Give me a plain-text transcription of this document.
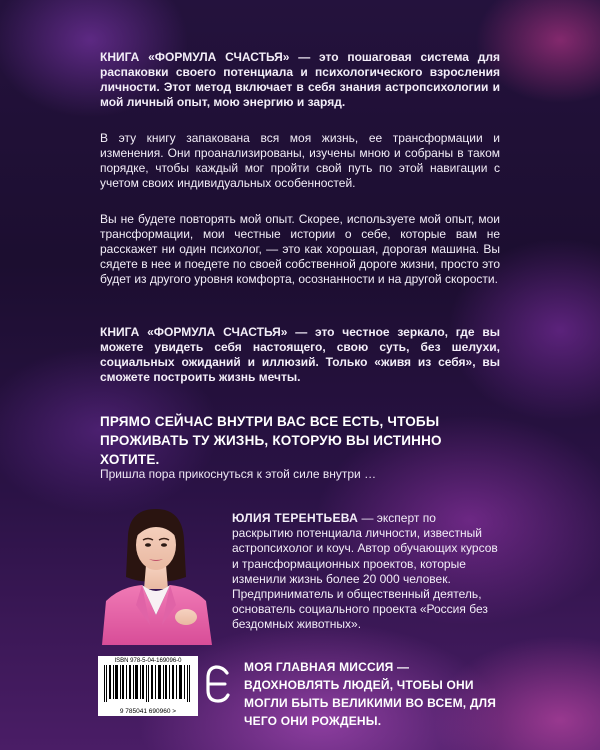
КНИГА «ФОРМУЛА СЧАСТЬЯ» — это пошаговая система для распаковки своего потенциала и психологического взросления личности. Этот метод включает в себя знания астропсихологии и мой личный опыт, мою энергию и заряд.

В эту книгу запакована вся моя жизнь, ее трансформации и изменения. Они проанализированы, изучены мною и собраны в таком порядке, чтобы каждый мог пройти свой путь по этой навигации с учетом своих индивидуальных особенностей.

Вы не будете повторять мой опыт. Скорее, используете мой опыт, мои трансформации, мои честные истории о себе, которые вам не расскажет ни один психолог, — это как хорошая, дорогая машина. Вы сядете в нее и поедете по своей собственной дороге жизни, просто это будет из другого уровня комфорта, осознанности и на другой скорости.

КНИГА «ФОРМУЛА СЧАСТЬЯ» — это честное зеркало, где вы можете увидеть себя настоящего, свою суть, без шелухи, социальных ожиданий и иллюзий. Только «живя из себя», вы сможете построить жизнь мечты.

ПРЯМО СЕЙЧАС ВНУТРИ ВАС ВСЕ ЕСТЬ, ЧТОБЫ ПРОЖИВАТЬ ТУ ЖИЗНЬ, КОТОРУЮ ВЫ ИСТИННО ХОТИТЕ.

Пришла пора прикоснуться к этой силе внутри …

ЮЛИЯ ТЕРЕНТЬЕВА — эксперт по раскрытию потенциала личности, известный астропсихолог и коуч. Автор обучающих курсов и трансформационных проектов, которые изменили жизнь более 20 000 человек. Предприниматель и общественный деятель, основатель социального проекта «Россия без бездомных животных».

ISBN 978-5-04-169096-0
9 785041 690960 >

МОЯ ГЛАВНАЯ МИССИЯ — ВДОХНОВЛЯТЬ ЛЮДЕЙ, ЧТОБЫ ОНИ МОГЛИ БЫТЬ ВЕЛИКИМИ ВО ВСЕМ, ДЛЯ ЧЕГО ОНИ РОЖДЕНЫ.
